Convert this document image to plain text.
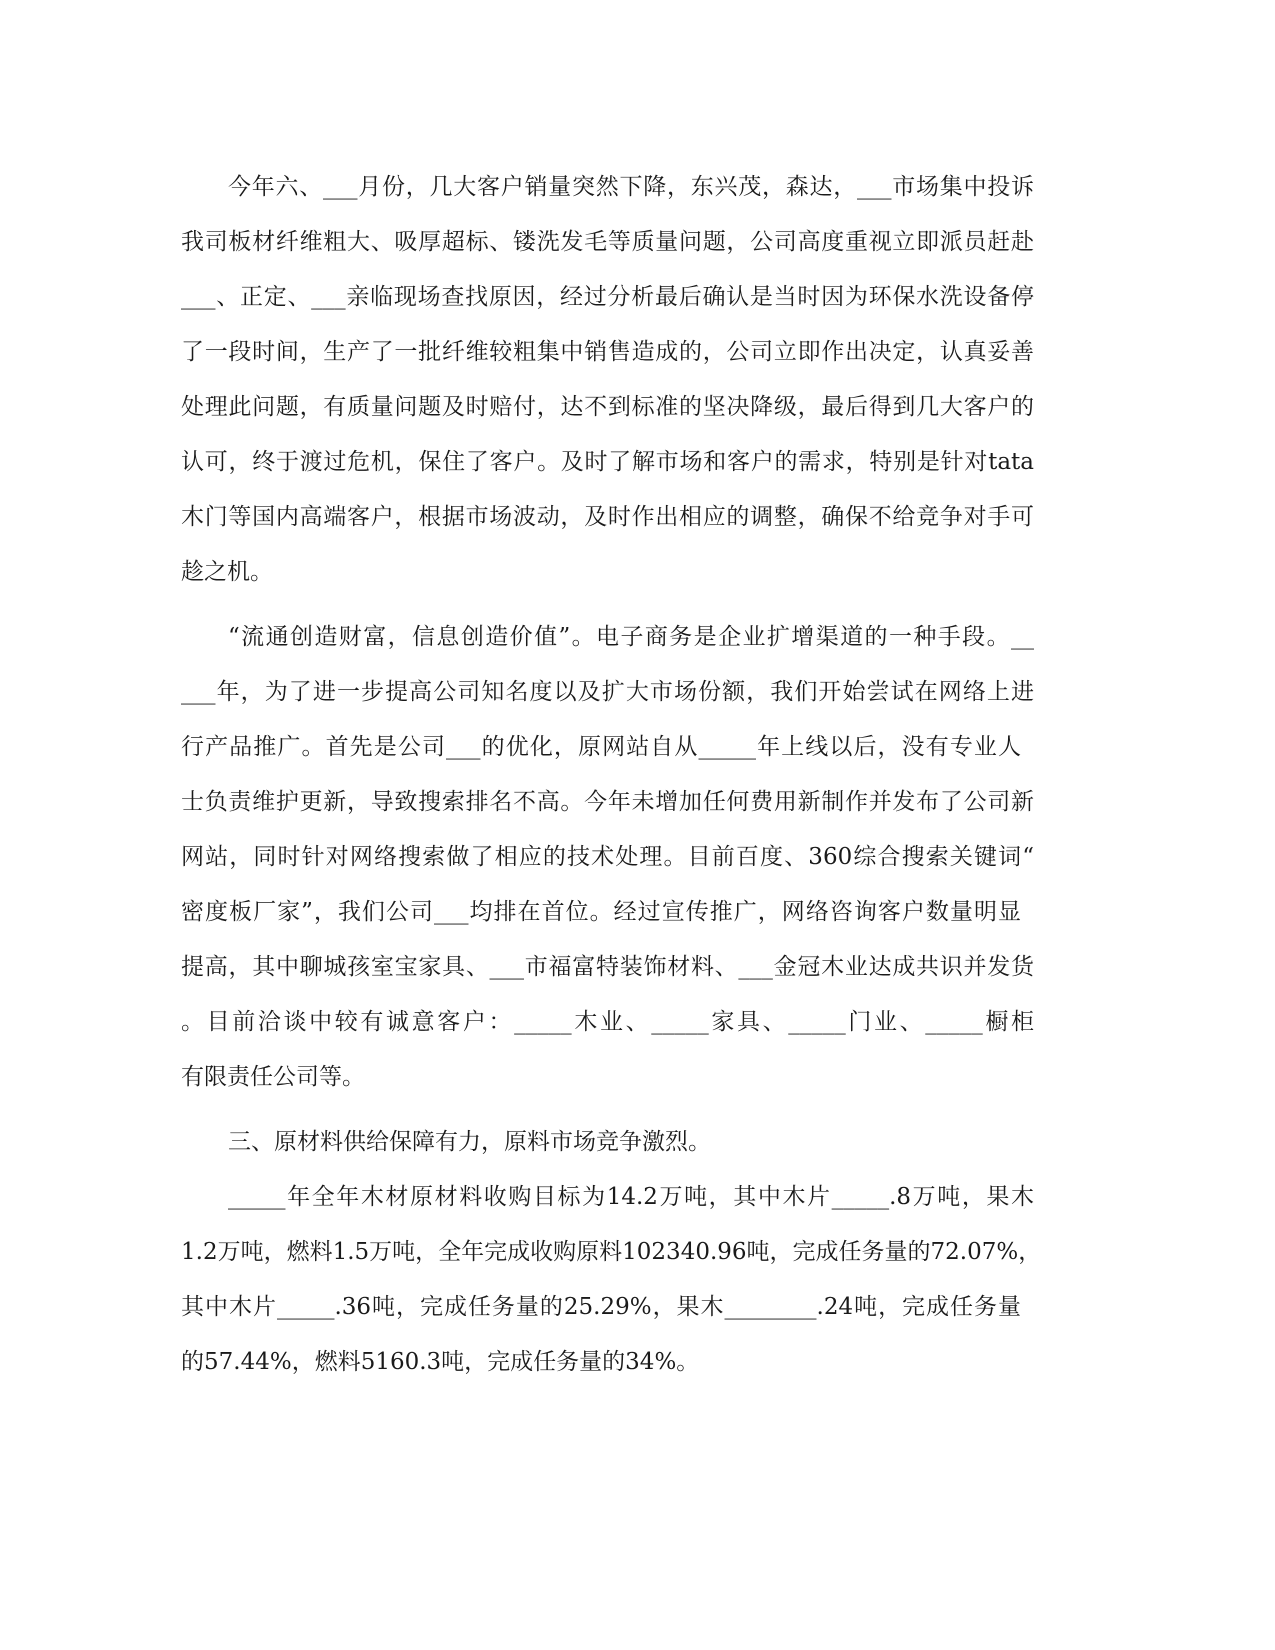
今年六、___月份，几大客户销量突然下降，东兴茂，森达，___市场集中投诉
我司板材纤维粗大、吸厚超标、镂洗发毛等质量问题，公司高度重视立即派员赶赴
___、正定、___亲临现场查找原因，经过分析最后确认是当时因为环保水洗设备停
了一段时间，生产了一批纤维较粗集中销售造成的，公司立即作出决定，认真妥善
处理此问题，有质量问题及时赔付，达不到标准的坚决降级，最后得到几大客户的
认可，终于渡过危机，保住了客户。及时了解市场和客户的需求，特别是针对tata
木门等国内高端客户，根据市场波动，及时作出相应的调整，确保不给竞争对手可
趁之机。
“流通创造财富，信息创造价值”。电子商务是企业扩增渠道的一种手段。__
___年，为了进一步提高公司知名度以及扩大市场份额，我们开始尝试在网络上进
行产品推广。首先是公司___的优化，原网站自从_____年上线以后，没有专业人
士负责维护更新，导致搜索排名不高。今年未增加任何费用新制作并发布了公司新
网站，同时针对网络搜索做了相应的技术处理。目前百度、360综合搜索关键词“
密度板厂家”，我们公司___均排在首位。经过宣传推广，网络咨询客户数量明显
提高，其中聊城孩室宝家具、___市福富特装饰材料、___金冠木业达成共识并发货
。目前洽谈中较有诚意客户：_____木业、_____家具、_____门业、_____橱柜
有限责任公司等。
三、原材料供给保障有力，原料市场竞争激烈。
_____年全年木材原材料收购目标为14.2万吨，其中木片_____.8万吨，果木
1.2万吨，燃料1.5万吨，全年完成收购原料102340.96吨，完成任务量的72.07%，
其中木片_____.36吨，完成任务量的25.29%，果木________.24吨，完成任务量
的57.44%，燃料5160.3吨，完成任务量的34%。
